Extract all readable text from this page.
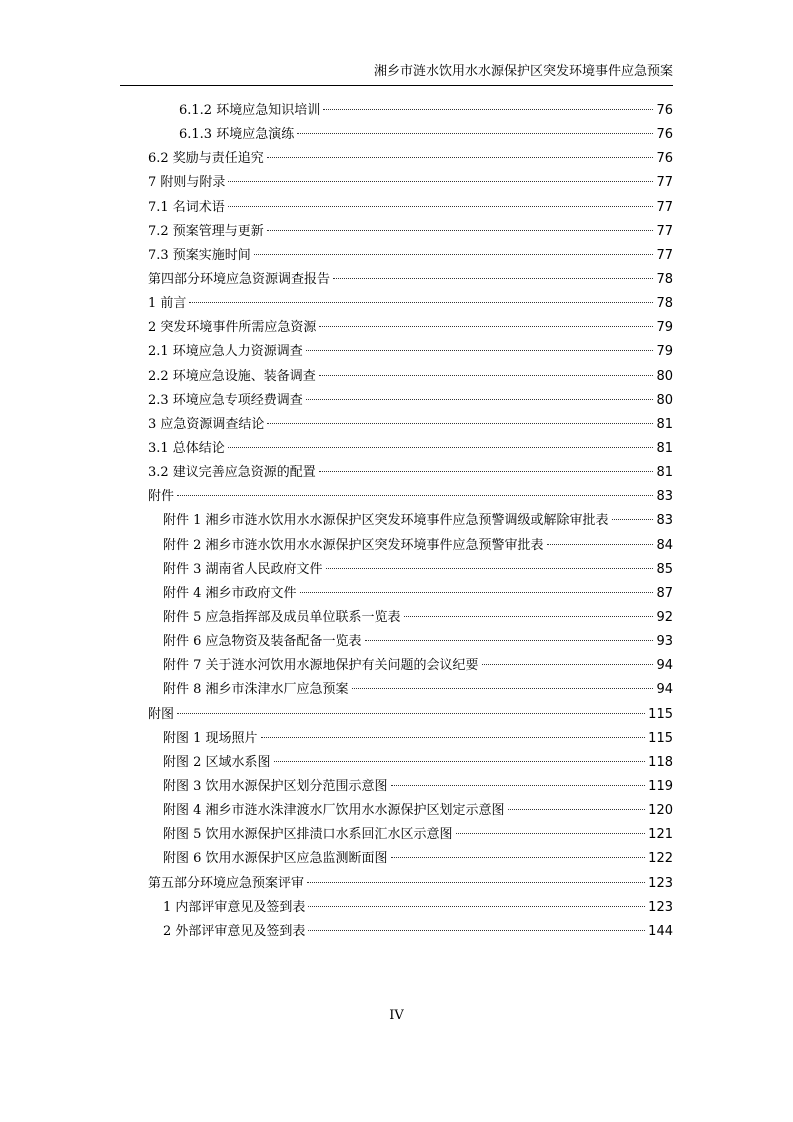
湘乡市涟水饮用水水源保护区突发环境事件应急预案
6.1.2 环境应急知识培训	76
6.1.3 环境应急演练	76
6.2 奖励与责任追究	76
7 附则与附录	77
7.1 名词术语	77
7.2 预案管理与更新	77
7.3 预案实施时间	77
第四部分环境应急资源调查报告	78
1 前言	78
2 突发环境事件所需应急资源	79
2.1 环境应急人力资源调查	79
2.2 环境应急设施、装备调查	80
2.3 环境应急专项经费调查	80
3 应急资源调查结论	81
3.1 总体结论	81
3.2 建议完善应急资源的配置	81
附件	83
附件 1 湘乡市涟水饮用水水源保护区突发环境事件应急预警调级或解除审批表	83
附件 2 湘乡市涟水饮用水水源保护区突发环境事件应急预警审批表	84
附件 3 湖南省人民政府文件	85
附件 4 湘乡市政府文件	87
附件 5 应急指挥部及成员单位联系一览表	92
附件 6 应急物资及装备配备一览表	93
附件 7 关于涟水河饮用水源地保护有关问题的会议纪要	94
附件 8 湘乡市洙津水厂应急预案	94
附图	115
附图 1 现场照片	115
附图 2 区域水系图	118
附图 3 饮用水源保护区划分范围示意图	119
附图 4 湘乡市涟水洙津渡水厂饮用水水源保护区划定示意图	120
附图 5 饮用水源保护区排渍口水系回汇水区示意图	121
附图 6 饮用水源保护区应急监测断面图	122
第五部分环境应急预案评审	123
1 内部评审意见及签到表	123
2 外部评审意见及签到表	144
IV
